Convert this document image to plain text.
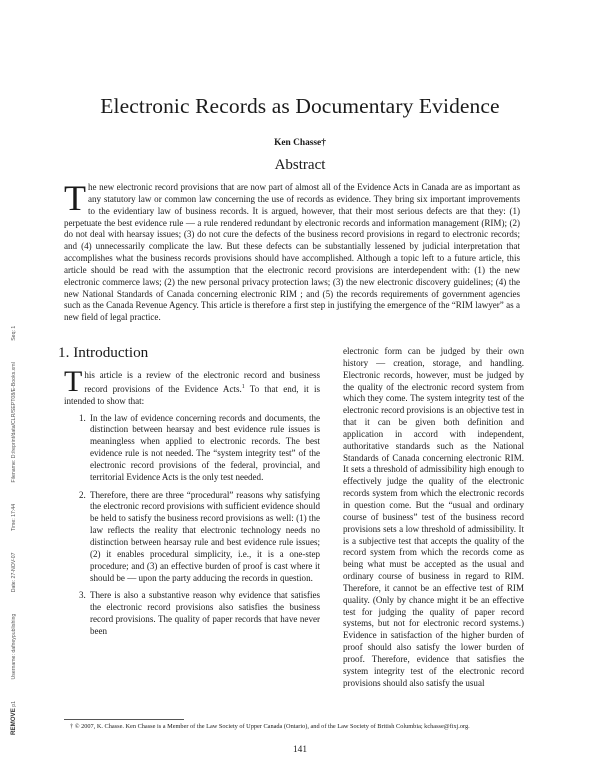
Electronic Records as Documentary Evidence
Ken Chasse†
Abstract

The new electronic record provisions that are now part of almost all of the Evidence Acts in Canada are as important as any statutory law or common law concerning the use of records as evidence. They bring six important improvements to the evidentiary law of business records. It is argued, however, that their most serious defects are that they: (1) perpetuate the best evidence rule — a rule rendered redundant by electronic records and information management (RIM); (2) do not deal with hearsay issues; (3) do not cure the defects of the business record provisions in regard to electronic records; and (4) unnecessarily complicate the law. But these defects can be substantially lessened by judicial interpretation that accomplishes what the business records provisions should have accomplished. Although a topic left to a future article, this article should be read with the assumption that the electronic record provisions are interdependent with: (1) the new electronic commerce laws; (2) the new personal privacy protection laws; (3) the new electronic discovery guidelines; (4) the new National Standards of Canada concerning electronic RIM ; and (5) the records requirements of government agencies such as the Canada Revenue Agency. This article is therefore a first step in justifying the emergence of the “RIM lawyer” as a new field of legal practice.

REMOVE p1 Username: dafneypublishing Date: 27-NOV-07 Time: 17:44 Filename: D:/reprint/data/CLR/SEPT08/E-Books.xml Seq: 1
1. Introduction

This article is a review of the electronic record and business record provisions of the Evidence Acts.$^1$ To that end, it is intended to show that:

1. In the law of evidence concerning records and documents, the distinction between hearsay and best evidence rule issues is meaningless when applied to electronic records. The best evidence rule is not needed. The “system integrity test” of the electronic record provisions of the federal, provincial, and territorial Evidence Acts is the only test needed.
2. Therefore, there are three “procedural” reasons why satisfying the electronic record provisions with sufficient evidence should be held to satisfy the business record provisions as well: (1) the law reflects the reality that electronic technology needs no distinction between hearsay rule and best evidence rule issues; (2) it enables procedural simplicity, i.e., it is a one-step procedure; and (3) an effective burden of proof is cast where it should be — upon the party adducing the records in question.
3. There is also a substantive reason why evidence that satisfies the electronic record provisions also satisfies the business record provisions. The quality of paper records that have never been

electronic form can be judged by their own history — creation, storage, and handling. Electronic records, however, must be judged by the quality of the electronic record system from which they come. The system integrity test of the electronic record provisions is an objective test in that it can be given both definition and application in accord with independent, authoritative standards such as the National Standards of Canada concerning electronic RIM. It sets a threshold of admissibility high enough to effectively judge the quality of the electronic records system from which the electronic records in question come. But the “usual and ordinary course of business” test of the business record provisions sets a low threshold of admissibility. It is a subjective test that accepts the quality of the record system from which the records come as being what must be accepted as the usual and ordinary course of business in regard to RIM. Therefore, it cannot be an effective test of RIM quality. (Only by chance might it be an effective test for judging the quality of paper record systems, but not for electronic record systems.) Evidence in satisfaction of the higher burden of proof should also satisfy the lower burden of proof. Therefore, evidence that satisfies the system integrity test of the electronic record provisions should also satisfy the usual

† © 2007, K. Chasse. Ken Chasse is a Member of the Law Society of Upper Canada (Ontario), and of the Law Society of British Columbia; kchasse@fixj.org.
141
